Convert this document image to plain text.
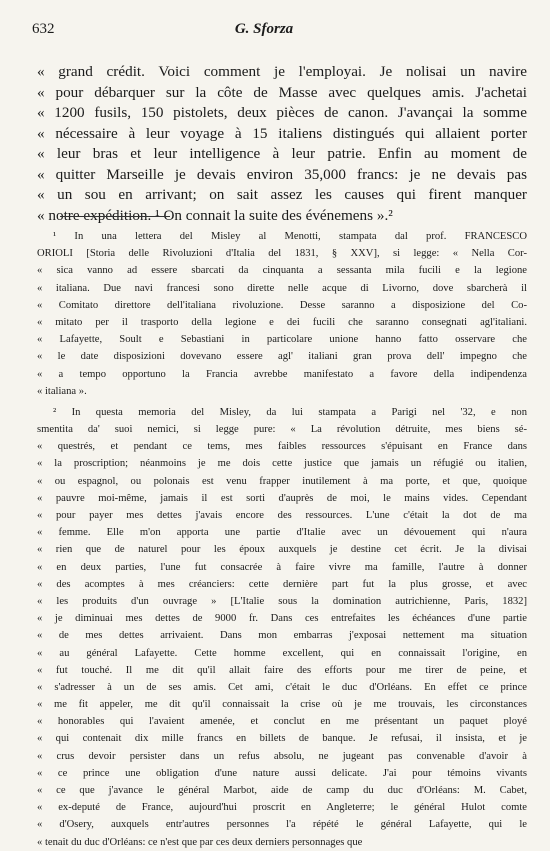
632	G. Sforza
« grand crédit. Voici comment je l'employai. Je nolisai un navire
« pour débarquer sur la côte de Masse avec quelques amis. J'achetai
« 1200 fusils, 150 pistolets, deux pièces de canon. J'avançai la somme
« nécessaire à leur voyage à 15 italiens distingués qui allaient porter
« leur bras et leur intelligence à leur patrie. Enfin au moment de
« quitter Marseille je devais environ 35,000 francs: je ne devais pas
« un sou en arrivant; on sait assez les causes qui firent manquer
« notre expédition. ¹ On connait la suite des événemens ».²
¹ In una lettera del Misley al Menotti, stampata dal prof. FRANCESCO
ORIOLI [Storia delle Rivoluzioni d'Italia del 1831, § XXV], si legge: « Nella Cor-
« sica vanno ad essere sbarcati da cinquanta a sessanta mila fucili e la legione
« italiana. Due navi francesi sono dirette nelle acque di Livorno, dove sbarcherà il
« Comitato direttore dell'italiana rivoluzione. Desse saranno a disposizione del Co-
« mitato per il trasporto della legione e dei fucili che saranno consegnati agl'italiani.
« Lafayette, Soult e Sebastiani in particolare unione hanno fatto osservare che
« le date disposizioni dovevano essere agl' italiani gran prova dell' impegno che
« a tempo opportuno la Francia avrebbe manifestato a favore della indipendenza
« italiana ».
² In questa memoria del Misley, da lui stampata a Parigi nel '32, e non
smentita da' suoi nemici, si legge pure: « La révolution détruite, mes biens sé-
« questrés, et pendant ce tems, mes faibles ressources s'épuisant en France dans
« la proscription; néanmoins je me dois cette justice que jamais un réfugié ou italien,
« ou espagnol, ou polonais est venu frapper inutilement à ma porte, et que, quoique
« pauvre moi-même, jamais il est sorti d'auprès de moi, le mains vides. Cependant
« pour payer mes dettes j'avais encore des ressources. L'une c'était la dot de ma
« femme. Elle m'on apporta une partie d'Italie avec un dévouement qui n'aura
« rien que de naturel pour les époux auxquels je destine cet écrit. Je la divisai
« en deux parties, l'une fut consacrée à faire vivre ma famille, l'autre à donner
« des acomptes à mes créanciers: cette dernière part fut la plus grosse, et avec
« les produits d'un ouvrage » [L'Italie sous la domination autrichienne, Paris, 1832]
« je diminuai mes dettes de 9000 fr. Dans ces entrefaites les échéances d'une partie
« de mes dettes arrivaient. Dans mon embarras j'exposai nettement ma situation
« au général Lafayette. Cette homme excellent, qui en connaissait l'origine, en
« fut touché. Il me dit qu'il allait faire des efforts pour me tirer de peine, et
« s'adresser à un de ses amis. Cet ami, c'était le duc d'Orléans. En effet ce prince
« me fit appeler, me dit qu'il connaissait la crise où je me trouvais, les circonstances
« honorables qui l'avaient amenée, et conclut en me présentant un paquet ployé
« qui contenait dix mille francs en billets de banque. Je refusai, il insista, et je
« crus devoir persister dans un refus absolu, ne jugeant pas convenable d'avoir à
« ce prince une obligation d'une nature aussi delicate. J'ai pour témoins vivants
« ce que j'avance le général Marbot, aide de camp du duc d'Orléans: M. Cabet,
« ex-deputé de France, aujourd'hui proscrit en Angleterre; le général Hulot comte
« d'Osery, auxquels entr'autres personnes l'a répété le général Lafayette, qui le
« tenait du duc d'Orléans: ce n'est que par ces deux derniers personnages que
